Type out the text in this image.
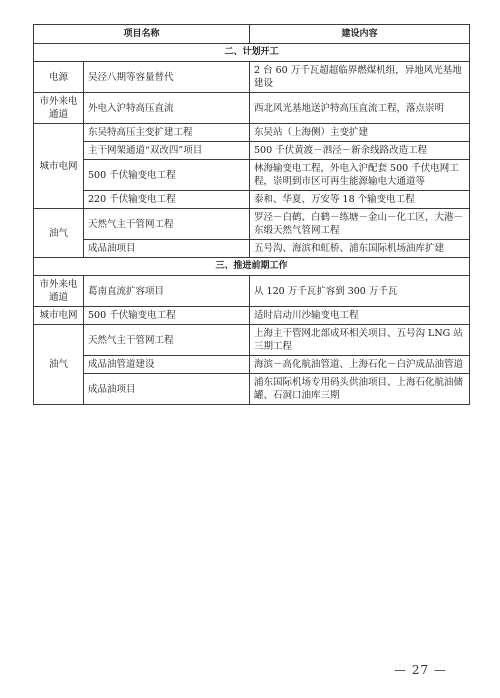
项目名称		建设内容
二、计划开工		
电源	吴泾八期等容量替代	2 台 60 万千瓦超超临界燃煤机组，异地风光基地建设
市外来电通道	外电入沪特高压直流	西北风光基地送沪特高压直流工程，落点崇明
城市电网	东吴特高压主变扩建工程	东吴站（上海侧）主变扩建
	主干网架通道“双改四”项目	500 千伏黄渡－泗泾－新余线路改造工程
	500 千伏输变电工程	林海输变电工程，外电入沪配套 500 千伏电网工程，崇明到市区可再生能源输电大通道等
	220 千伏输变电工程	泰和、华夏、万安等 18 个输变电工程
油气	天然气主干管网工程	罗泾－白鹤、白鹤－练塘－金山－化工区，大港－东缎天然气管网工程
	成品油项目	五号沟、海滨和虹桥、浦东国际机场油库扩建
三、推进前期工作		
市外来电通道	葛南直流扩容项目	从 120 万千瓦扩容到 300 万千瓦
城市电网	500 千伏输变电工程	适时启动川沙输变电工程
油气	天然气主干管网工程	上海主干管网北部成环相关项目、五号沟 LNG 站三期工程
	成品油管道建设	海滨－高化航油管道、上海石化－白沪成品油管道
	成品油项目	浦东国际机场专用码头供油项目、上海石化航油储罐、石洞口油库三期
— 27 —
